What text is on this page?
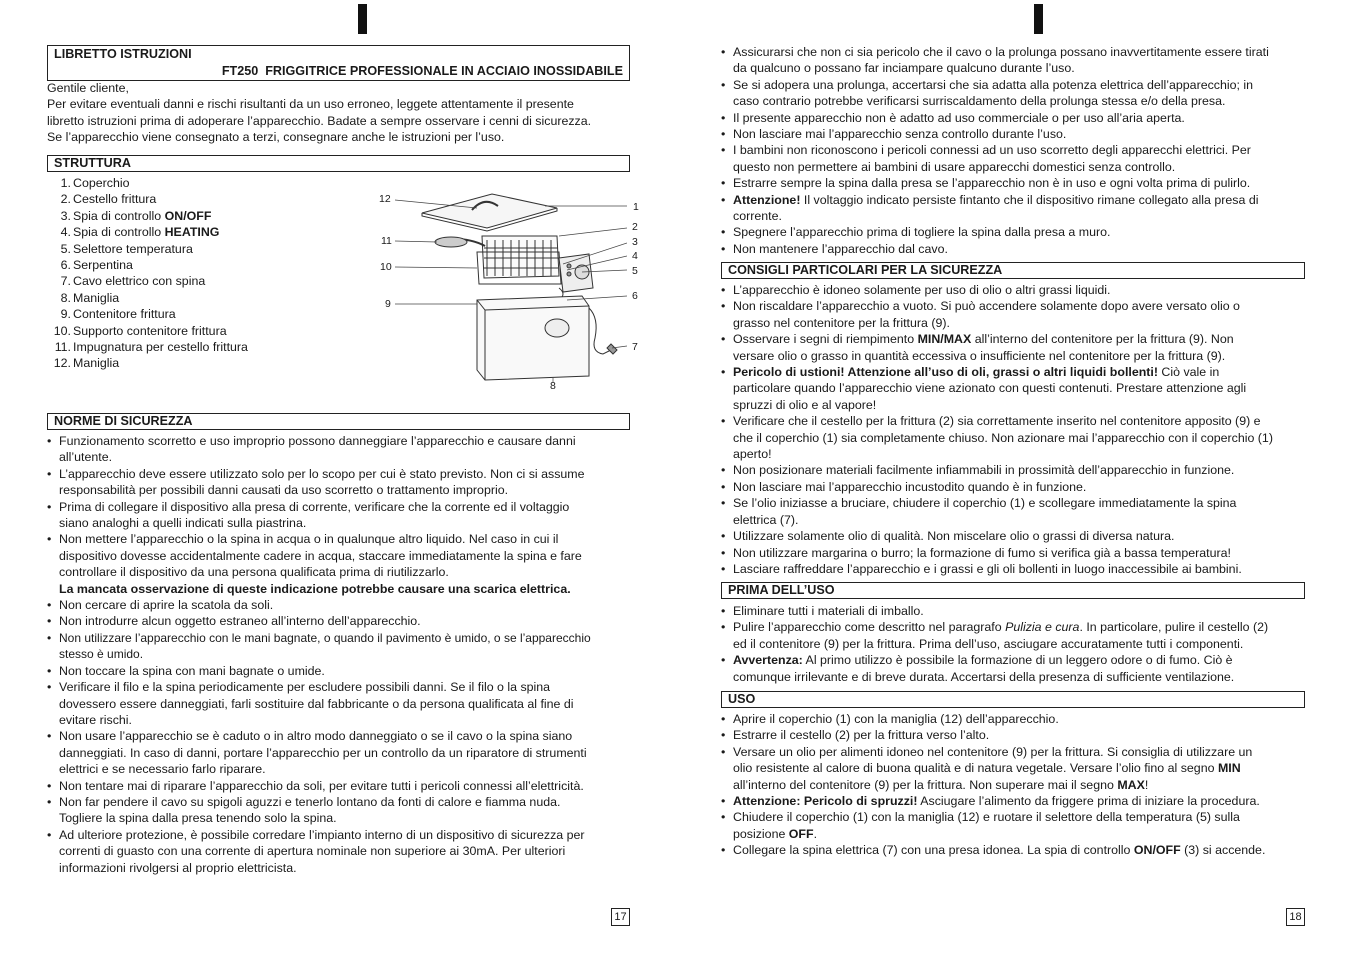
LIBRETTO ISTRUZIONI
FT250 FRIGGITRICE PROFESSIONALE IN ACCIAIO INOSSIDABILE
Gentile cliente,
Per evitare eventuali danni e rischi risultanti da un uso erroneo, leggete attentamente il presente
libretto istruzioni prima di adoperare l’apparecchio. Badate a sempre osservare i cenni di sicurezza.
Se l’apparecchio viene consegnato a terzi, consegnare anche le istruzioni per l’uso.
STRUTTURA
1. Coperchio
2. Cestello frittura
3. Spia di controllo ON/OFF
4. Spia di controllo HEATING
5. Selettore temperatura
6. Serpentina
7. Cavo elettrico con spina
8. Maniglia
9. Contenitore frittura
10. Supporto contenitore frittura
11. Impugnatura per cestello frittura
12. Maniglia
12
11
10
9
1
2
3
4
5
6
7
8
NORME DI SICUREZZA
• Funzionamento scorretto e uso improprio possono danneggiare l’apparecchio e causare danni
all’utente.
• L’apparecchio deve essere utilizzato solo per lo scopo per cui è stato previsto. Non ci si assume
responsabilità per possibili danni causati da uso scorretto o trattamento improprio.
• Prima di collegare il dispositivo alla presa di corrente, verificare che la corrente ed il voltaggio
siano analoghi a quelli indicati sulla piastrina.
• Non mettere l’apparecchio o la spina in acqua o in qualunque altro liquido. Nel caso in cui il
dispositivo dovesse accidentalmente cadere in acqua, staccare immediatamente la spina e fare
controllare il dispositivo da una persona qualificata prima di riutilizzarlo.
La mancata osservazione di queste indicazione potrebbe causare una scarica elettrica.
• Non cercare di aprire la scatola da soli.
• Non introdurre alcun oggetto estraneo all’interno dell’apparecchio.
• Non utilizzare l’apparecchio con le mani bagnate, o quando il pavimento è umido, o se l’apparecchio
stesso è umido.
• Non toccare la spina con mani bagnate o umide.
• Verificare il filo e la spina periodicamente per escludere possibili danni. Se il filo o la spina
dovessero essere danneggiati, farli sostituire dal fabbricante o da persona qualificata al fine di
evitare rischi.
• Non usare l’apparecchio se è caduto o in altro modo danneggiato o se il cavo o la spina siano
danneggiati. In caso di danni, portare l’apparecchio per un controllo da un riparatore di strumenti
elettrici e se necessario farlo riparare.
• Non tentare mai di riparare l’apparecchio da soli, per evitare tutti i pericoli connessi all’elettricità.
• Non far pendere il cavo su spigoli aguzzi e tenerlo lontano da fonti di calore e fiamma nuda.
Togliere la spina dalla presa tenendo solo la spina.
• Ad ulteriore protezione, è possibile corredare l’impianto interno di un dispositivo di sicurezza per
correnti di guasto con una corrente di apertura nominale non superiore ai 30mA. Per ulteriori
informazioni rivolgersi al proprio elettricista.
17
• Assicurarsi che non ci sia pericolo che il cavo o la prolunga possano inavvertitamente essere tirati
da qualcuno o possano far inciampare qualcuno durante l’uso.
• Se si adopera una prolunga, accertarsi che sia adatta alla potenza elettrica dell’apparecchio; in
caso contrario potrebbe verificarsi surriscaldamento della prolunga stessa e/o della presa.
• Il presente apparecchio non è adatto ad uso commerciale o per uso all’aria aperta.
• Non lasciare mai l’apparecchio senza controllo durante l’uso.
• I bambini non riconoscono i pericoli connessi ad un uso scorretto degli apparecchi elettrici. Per
questo non permettere ai bambini di usare apparecchi domestici senza controllo.
• Estrarre sempre la spina dalla presa se l’apparecchio non è in uso e ogni volta prima di pulirlo.
• Attenzione! Il voltaggio indicato persiste fintanto che il dispositivo rimane collegato alla presa di
corrente.
• Spegnere l’apparecchio prima di togliere la spina dalla presa a muro.
• Non mantenere l’apparecchio dal cavo.
CONSIGLI PARTICOLARI PER LA SICUREZZA
• L’apparecchio è idoneo solamente per uso di olio o altri grassi liquidi.
• Non riscaldare l’apparecchio a vuoto. Si può accendere solamente dopo avere versato olio o
grasso nel contenitore per la frittura (9).
• Osservare i segni di riempimento MIN/MAX all’interno del contenitore per la frittura (9). Non
versare olio o grasso in quantità eccessiva o insufficiente nel contenitore per la frittura (9).
• Pericolo di ustioni! Attenzione all’uso di oli, grassi o altri liquidi bollenti! Ciò vale in
particolare quando l’apparecchio viene azionato con questi contenuti. Prestare attenzione agli
spruzzi di olio e al vapore!
• Verificare che il cestello per la frittura (2) sia correttamente inserito nel contenitore apposito (9) e
che il coperchio (1) sia completamente chiuso. Non azionare mai l’apparecchio con il coperchio (1)
aperto!
• Non posizionare materiali facilmente infiammabili in prossimità dell’apparecchio in funzione.
• Non lasciare mai l’apparecchio incustodito quando è in funzione.
• Se l’olio iniziasse a bruciare, chiudere il coperchio (1) e scollegare immediatamente la spina
elettrica (7).
• Utilizzare solamente olio di qualità. Non miscelare olio o grassi di diversa natura.
• Non utilizzare margarina o burro; la formazione di fumo si verifica già a bassa temperatura!
• Lasciare raffreddare l’apparecchio e i grassi e gli oli bollenti in luogo inaccessibile ai bambini.
PRIMA DELL’USO
• Eliminare tutti i materiali di imballo.
• Pulire l’apparecchio come descritto nel paragrafo Pulizia e cura. In particolare, pulire il cestello (2)
ed il contenitore (9) per la frittura. Prima dell’uso, asciugare accuratamente tutti i componenti.
• Avvertenza: Al primo utilizzo è possibile la formazione di un leggero odore o di fumo. Ciò è
comunque irrilevante e di breve durata. Accertarsi della presenza di sufficiente ventilazione.
USO
• Aprire il coperchio (1) con la maniglia (12) dell’apparecchio.
• Estrarre il cestello (2) per la frittura verso l’alto.
• Versare un olio per alimenti idoneo nel contenitore (9) per la frittura. Si consiglia di utilizzare un
olio resistente al calore di buona qualità e di natura vegetale. Versare l’olio fino al segno MIN
all’interno del contenitore (9) per la frittura. Non superare mai il segno MAX!
• Attenzione: Pericolo di spruzzi! Asciugare l’alimento da friggere prima di iniziare la procedura.
• Chiudere il coperchio (1) con la maniglia (12) e ruotare il selettore della temperatura (5) sulla
posizione OFF.
• Collegare la spina elettrica (7) con una presa idonea. La spia di controllo ON/OFF (3) si accende.
18
